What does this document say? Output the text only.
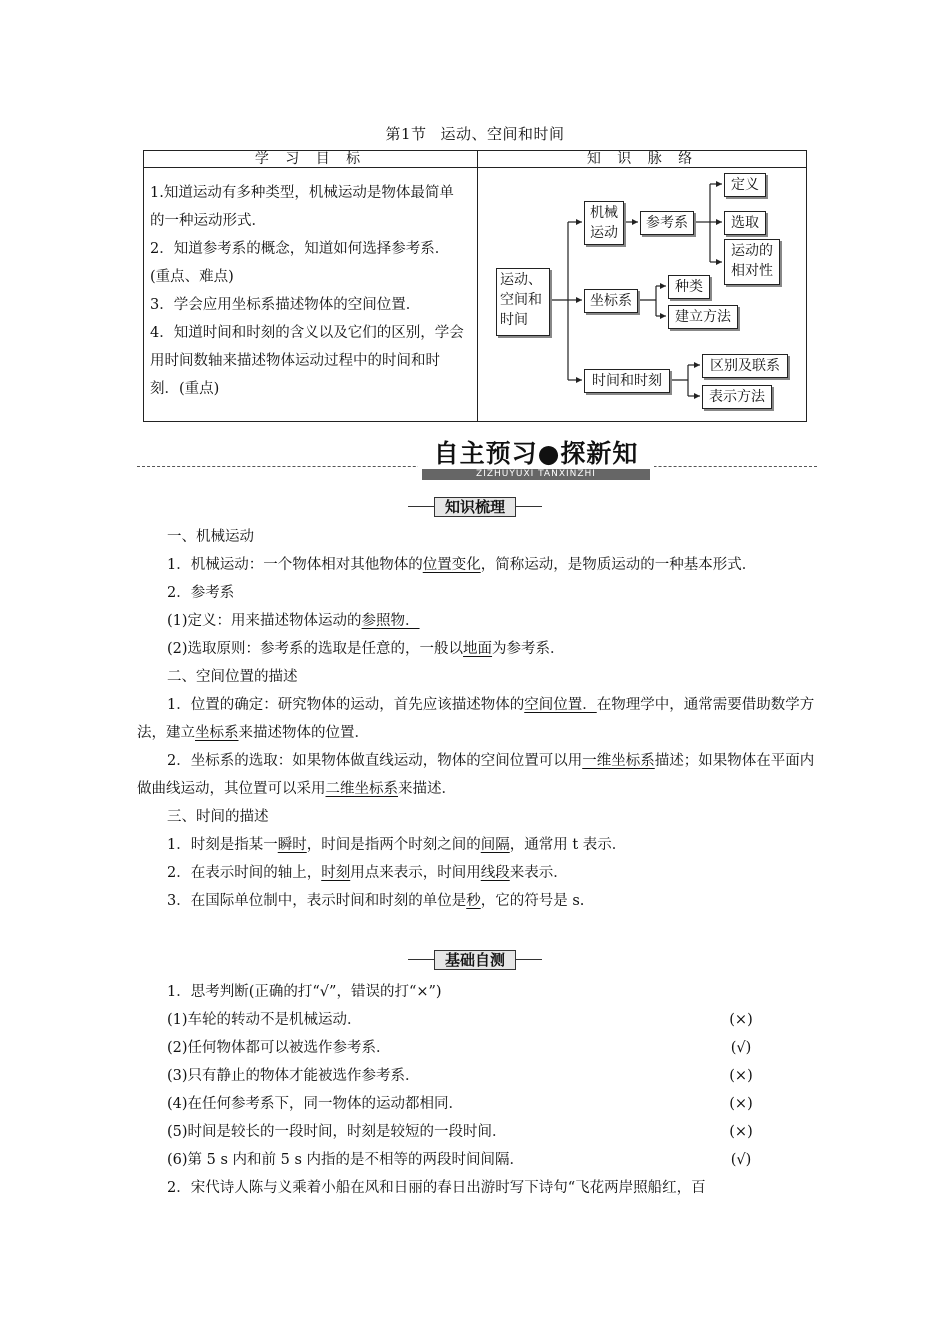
第1节 运动、空间和时间
学 习 目 标	知 识 脉 络

1.知道运动有多种类型，机械运动是物体最简单的一种运动形式．

2．知道参考系的概念，知道如何选择参考系．(重点、难点)

3．学会应用坐标系描述物体的空间位置．

4．知道时间和时刻的含义以及它们的区别，学会用时间数轴来描述物体运动过程中的时间和时刻．(重点)

运动、空间和时间
机械运动
参考系
定义
选取
运动的相对性
坐标系
种类
建立方法
时间和时刻
区别及联系
表示方法
自主预习●探新知
ZIZHUYUXI TANXINZHI
知识梳理

一、机械运动

1．机械运动：一个物体相对其他物体的位置变化，简称运动，是物质运动的一种基本形式．

2．参考系

(1)定义：用来描述物体运动的参照物．

(2)选取原则：参考系的选取是任意的，一般以地面为参考系．

二、空间位置的描述

1．位置的确定：研究物体的运动，首先应该描述物体的空间位置．在物理学中，通常需要借助数学方法，建立坐标系来描述物体的位置．

2．坐标系的选取：如果物体做直线运动，物体的空间位置可以用一维坐标系描述；如果物体在平面内做曲线运动，其位置可以采用二维坐标系来描述．

三、时间的描述

1．时刻是指某一瞬时，时间是指两个时刻之间的间隔，通常用 t 表示．

2．在表示时间的轴上，时刻用点来表示，时间用线段来表示．

3．在国际单位制中，表示时间和时刻的单位是秒，它的符号是 s.

基础自测

1．思考判断(正确的打“√”，错误的打“×”)

(1)车轮的转动不是机械运动．	(×)
(2)任何物体都可以被选作参考系．	(√)
(3)只有静止的物体才能被选作参考系．	(×)
(4)在任何参考系下，同一物体的运动都相同．	(×)
(5)时间是较长的一段时间，时刻是较短的一段时间．	(×)
(6)第 5 s 内和前 5 s 内指的是不相等的两段时间间隔．	(√)

2．宋代诗人陈与义乘着小船在风和日丽的春日出游时写下诗句“飞花两岸照船红，百
